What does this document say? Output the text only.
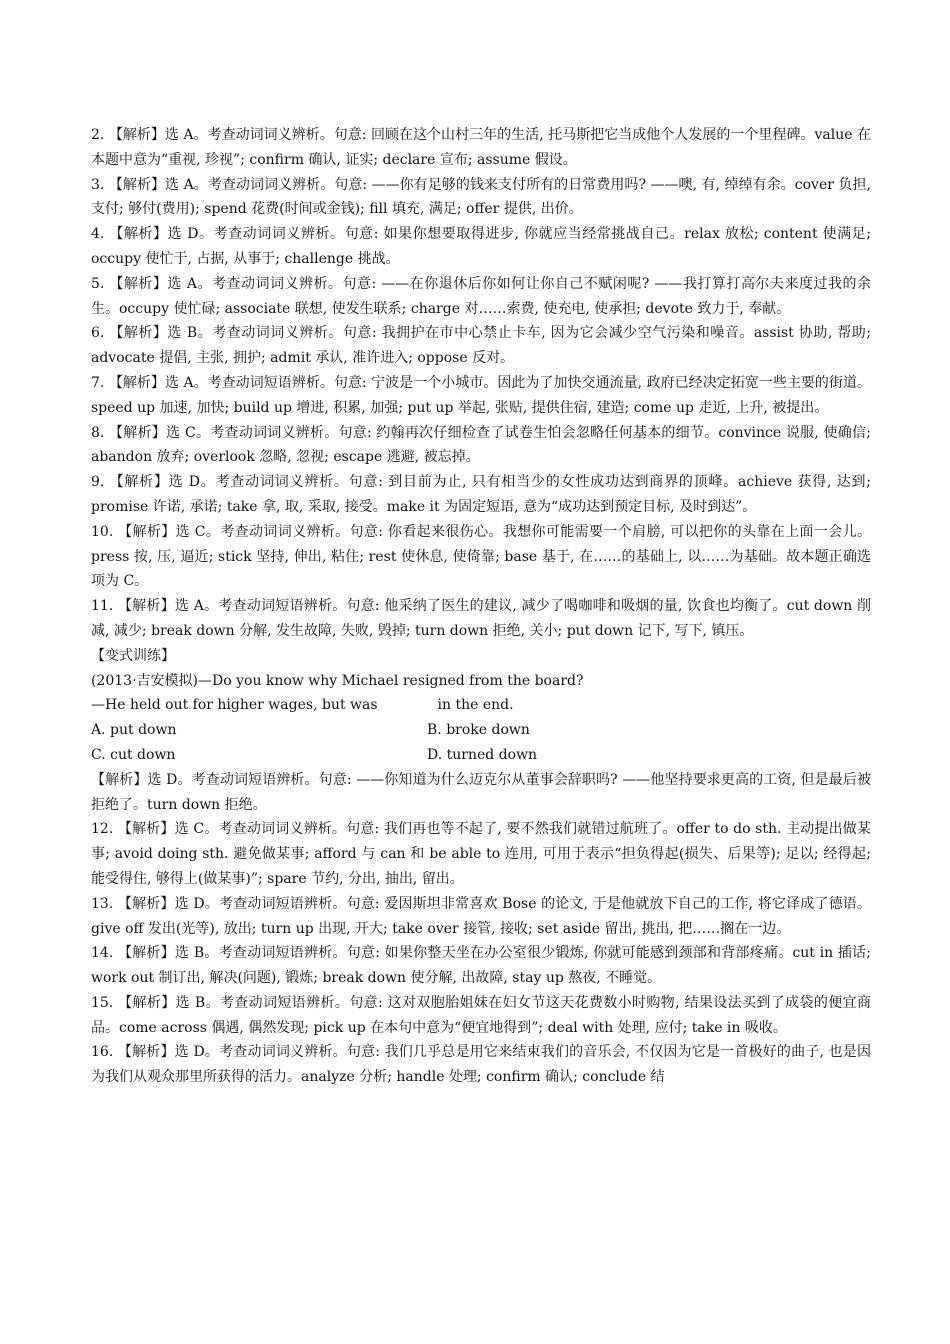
2. 【解析】选 A。考查动词词义辨析。句意: 回顾在这个山村三年的生活, 托马斯把它当成他个人发展的一个里程碑。value 在本题中意为“重视, 珍视”; confirm 确认, 证实; declare 宣布; assume 假设。

3. 【解析】选 A。考查动词词义辨析。句意: ——你有足够的钱来支付所有的日常费用吗? ——噢, 有, 绰绰有余。cover 负担, 支付; 够付(费用); spend 花费(时间或金钱); fill 填充, 满足; offer 提供, 出价。

4. 【解析】选 D。考查动词词义辨析。句意: 如果你想要取得进步, 你就应当经常挑战自己。relax 放松; content 使满足; occupy 使忙于, 占据, 从事于; challenge 挑战。

5. 【解析】选 A。考查动词词义辨析。句意: ——在你退休后你如何让你自己不赋闲呢? ——我打算打高尔夫来度过我的余生。occupy 使忙碌; associate 联想, 使发生联系; charge 对……索费, 使充电, 使承担; devote 致力于, 奉献。

6. 【解析】选 B。考查动词词义辨析。句意: 我拥护在市中心禁止卡车, 因为它会减少空气污染和噪音。assist 协助, 帮助; advocate 提倡, 主张, 拥护; admit 承认, 准许进入; oppose 反对。

7. 【解析】选 A。考查动词短语辨析。句意: 宁波是一个小城市。因此为了加快交通流量, 政府已经决定拓宽一些主要的街道。speed up 加速, 加快; build up 增进, 积累, 加强; put up 举起, 张贴, 提供住宿, 建造; come up 走近, 上升, 被提出。

8. 【解析】选 C。考查动词词义辨析。句意: 约翰再次仔细检查了试卷生怕会忽略任何基本的细节。convince 说服, 使确信; abandon 放弃; overlook 忽略, 忽视; escape 逃避, 被忘掉。

9. 【解析】选 D。考查动词词义辨析。句意: 到目前为止, 只有相当少的女性成功达到商界的顶峰。achieve 获得, 达到; promise 许诺, 承诺; take 拿, 取, 采取, 接受。make it 为固定短语, 意为“成功达到预定目标, 及时到达”。

10. 【解析】选 C。考查动词词义辨析。句意: 你看起来很伤心。我想你可能需要一个肩膀, 可以把你的头靠在上面一会儿。press 按, 压, 逼近; stick 坚持, 伸出, 粘住; rest 使休息, 使倚靠; base 基于, 在……的基础上, 以……为基础。故本题正确选项为 C。

11. 【解析】选 A。考查动词短语辨析。句意: 他采纳了医生的建议, 减少了喝咖啡和吸烟的量, 饮食也均衡了。cut down 削减, 减少; break down 分解, 发生故障, 失败, 毁掉; turn down 拒绝, 关小; put down 记下, 写下, 镇压。

【变式训练】

(2013·吉安模拟)—Do you know why Michael resigned from the board?

—He held out for higher wages, but was	in the end.

A. put down	B. broke down

C. cut down	D. turned down

【解析】选 D。考查动词短语辨析。句意: ——你知道为什么迈克尔从董事会辞职吗? ——他坚持要求更高的工资, 但是最后被拒绝了。turn down 拒绝。

12. 【解析】选 C。考查动词词义辨析。句意: 我们再也等不起了, 要不然我们就错过航班了。offer to do sth. 主动提出做某事; avoid doing sth. 避免做某事; afford 与 can 和 be able to 连用, 可用于表示“担负得起(损失、后果等); 足以; 经得起; 能受得住, 够得上(做某事)”; spare 节约, 分出, 抽出, 留出。

13. 【解析】选 D。考查动词短语辨析。句意: 爱因斯坦非常喜欢 Bose 的论文, 于是他就放下自己的工作, 将它译成了德语。give off 发出(光等), 放出; turn up 出现, 开大; take over 接管, 接收; set aside 留出, 挑出, 把……搁在一边。

14. 【解析】选 B。考查动词短语辨析。句意: 如果你整天坐在办公室很少锻炼, 你就可能感到颈部和背部疼痛。cut in 插话; work out 制订出, 解决(问题), 锻炼; break down 使分解, 出故障, stay up 熬夜, 不睡觉。

15. 【解析】选 B。考查动词短语辨析。句意: 这对双胞胎姐妹在妇女节这天花费数小时购物, 结果设法买到了成袋的便宜商品。come across 偶遇, 偶然发现; pick up 在本句中意为“便宜地得到”; deal with 处理, 应付; take in 吸收。

16. 【解析】选 D。考查动词词义辨析。句意: 我们几乎总是用它来结束我们的音乐会, 不仅因为它是一首极好的曲子, 也是因为我们从观众那里所获得的活力。analyze 分析; handle 处理; confirm 确认; conclude 结
